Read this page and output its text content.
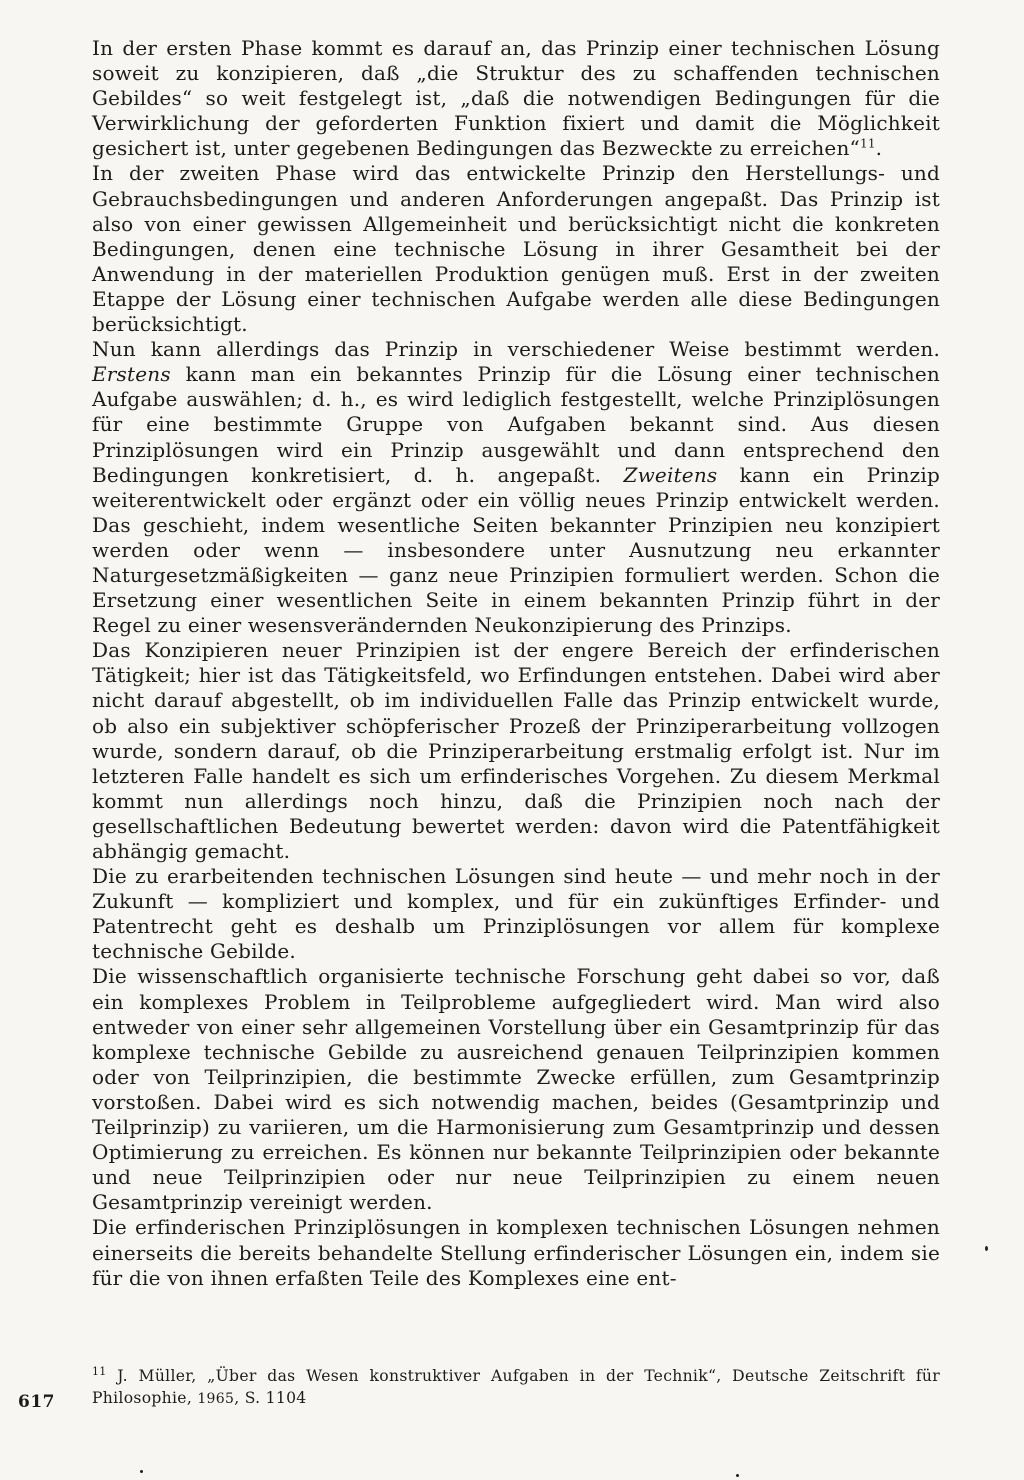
In der ersten Phase kommt es darauf an, das Prinzip einer technischen Lösung soweit zu konzipieren, daß „die Struktur des zu schaffenden technischen Gebildes“ so weit festgelegt ist, „daß die notwendigen Bedingungen für die Verwirklichung der geforderten Funktion fixiert und damit die Möglichkeit gesichert ist, unter gegebenen Bedingungen das Bezweckte zu erreichen“$^{11}$.

In der zweiten Phase wird das entwickelte Prinzip den Herstellungs- und Gebrauchsbedingungen und anderen Anforderungen angepaßt. Das Prinzip ist also von einer gewissen Allgemeinheit und berücksichtigt nicht die konkreten Bedingungen, denen eine technische Lösung in ihrer Gesamtheit bei der Anwendung in der materiellen Produktion genügen muß. Erst in der zweiten Etappe der Lösung einer technischen Aufgabe werden alle diese Bedingungen berücksichtigt.

Nun kann allerdings das Prinzip in verschiedener Weise bestimmt werden. Erstens kann man ein bekanntes Prinzip für die Lösung einer technischen Aufgabe auswählen; d. h., es wird lediglich festgestellt, welche Prinziplösungen für eine bestimmte Gruppe von Aufgaben bekannt sind. Aus diesen Prinziplösungen wird ein Prinzip ausgewählt und dann entsprechend den Bedingungen konkretisiert, d. h. angepaßt. Zweitens kann ein Prinzip weiterentwickelt oder ergänzt oder ein völlig neues Prinzip entwickelt werden. Das geschieht, indem wesentliche Seiten bekannter Prinzipien neu konzipiert werden oder wenn — insbesondere unter Ausnutzung neu erkannter Naturgesetzmäßigkeiten — ganz neue Prinzipien formuliert werden. Schon die Ersetzung einer wesentlichen Seite in einem bekannten Prinzip führt in der Regel zu einer wesensverändernden Neukonzipierung des Prinzips.

Das Konzipieren neuer Prinzipien ist der engere Bereich der erfinderischen Tätigkeit; hier ist das Tätigkeitsfeld, wo Erfindungen entstehen. Dabei wird aber nicht darauf abgestellt, ob im individuellen Falle das Prinzip entwickelt wurde, ob also ein subjektiver schöpferischer Prozeß der Prinziperarbeitung vollzogen wurde, sondern darauf, ob die Prinziperarbeitung erstmalig erfolgt ist. Nur im letzteren Falle handelt es sich um erfinderisches Vorgehen. Zu diesem Merkmal kommt nun allerdings noch hinzu, daß die Prinzipien noch nach der gesellschaftlichen Bedeutung bewertet werden: davon wird die Patentfähigkeit abhängig gemacht.

Die zu erarbeitenden technischen Lösungen sind heute — und mehr noch in der Zukunft — kompliziert und komplex, und für ein zukünftiges Erfinder- und Patentrecht geht es deshalb um Prinziplösungen vor allem für komplexe technische Gebilde.

Die wissenschaftlich organisierte technische Forschung geht dabei so vor, daß ein komplexes Problem in Teilprobleme aufgegliedert wird. Man wird also entweder von einer sehr allgemeinen Vorstellung über ein Gesamtprinzip für das komplexe technische Gebilde zu ausreichend genauen Teilprinzipien kommen oder von Teilprinzipien, die bestimmte Zwecke erfüllen, zum Gesamtprinzip vorstoßen. Dabei wird es sich notwendig machen, beides (Gesamtprinzip und Teilprinzip) zu variieren, um die Harmonisierung zum Gesamtprinzip und dessen Optimierung zu erreichen. Es können nur bekannte Teilprinzipien oder bekannte und neue Teilprinzipien oder nur neue Teilprinzipien zu einem neuen Gesamtprinzip vereinigt werden.

Die erfinderischen Prinziplösungen in komplexen technischen Lösungen nehmen einerseits die bereits behandelte Stellung erfinderischer Lösungen ein, indem sie für die von ihnen erfaßten Teile des Komplexes eine ent-

$^{11}$ J. Müller, „Über das Wesen konstruktiver Aufgaben in der Technik“, Deutsche Zeitschrift für Philosophie, 1965, S. 1104
617
